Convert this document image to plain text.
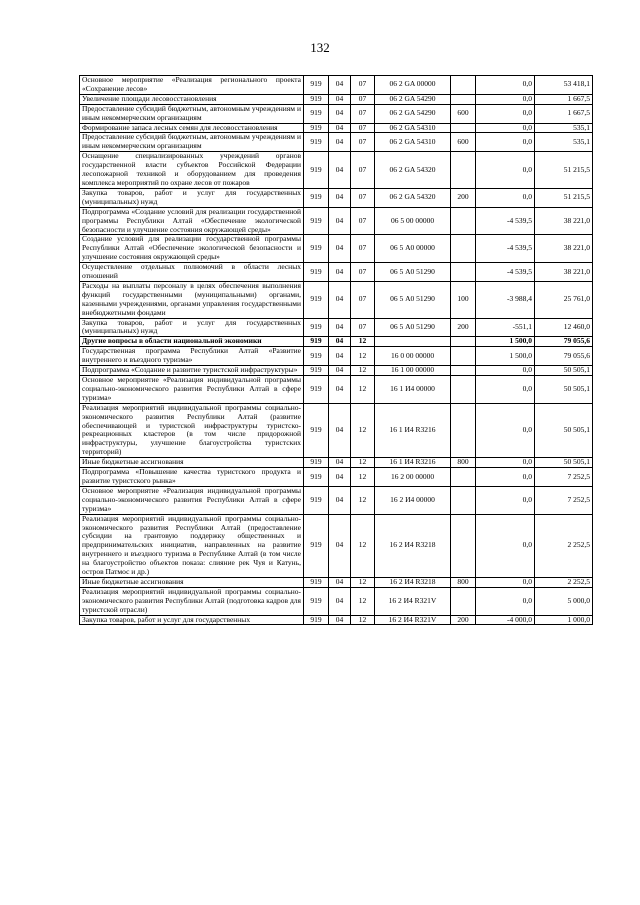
132
Основное мероприятие «Реализация регионального проекта «Сохранение лесов»	919	04	07	06 2 GA 00000		0,0	53 418,1
Увеличение площади лесовосстановления	919	04	07	06 2 GA 54290		0,0	1 667,5
Предоставление субсидий бюджетным, автономным учреждениям и иным некоммерческим организациям	919	04	07	06 2 GA 54290	600	0,0	1 667,5
Формирование запаса лесных семян для лесовосстановления	919	04	07	06 2 GA 54310		0,0	535,1
Предоставление субсидий бюджетным, автономным учреждениям и иным некоммерческим организациям	919	04	07	06 2 GA 54310	600	0,0	535,1
Оснащение специализированных учреждений органов государственной власти субъектов Российской Федерации лесопожарной техникой и оборудованием для проведения комплекса мероприятий по охране лесов от пожаров	919	04	07	06 2 GA 54320		0,0	51 215,5
Закупка товаров, работ и услуг для государственных (муниципальных) нужд	919	04	07	06 2 GA 54320	200	0,0	51 215,5
Подпрограмма «Создание условий для реализации государственной программы Республики Алтай «Обеспечение экологической безопасности и улучшение состояния окружающей среды»	919	04	07	06 5 00 00000		-4 539,5	38 221,0
Создание условий для реализации государственной программы Республики Алтай «Обеспечение экологической безопасности и улучшение состояния окружающей среды»	919	04	07	06 5 А0 00000		-4 539,5	38 221,0
Осуществление отдельных полномочий в области лесных отношений	919	04	07	06 5 А0 51290		-4 539,5	38 221,0
Расходы на выплаты персоналу в целях обеспечения выполнения функций государственными (муниципальными) органами, казенными учреждениями, органами управления государственными внебюджетными фондами	919	04	07	06 5 А0 51290	100	-3 988,4	25 761,0
Закупка товаров, работ и услуг для государственных (муниципальных) нужд	919	04	07	06 5 А0 51290	200	-551,1	12 460,0
Другие вопросы в области национальной экономики	919	04	12			1 500,0	79 055,6
Государственная программа Республики Алтай «Развитие внутреннего и въездного туризма»	919	04	12	16 0 00 00000		1 500,0	79 055,6
Подпрограмма «Создание и развитие туристской инфраструктуры»	919	04	12	16 1 00 00000		0,0	50 505,1
Основное мероприятие «Реализация индивидуальной программы социально-экономического развития Республики Алтай в сфере туризма»	919	04	12	16 1 И4 00000		0,0	50 505,1
Реализация мероприятий индивидуальной программы социально-экономического развития Республики Алтай (развитие обеспечивающей и туристской инфраструктуры туристско-рекреационных кластеров (в том числе придорожной инфраструктуры, улучшение благоустройства туристских территорий)	919	04	12	16 1 И4 R3216		0,0	50 505,1
Иные бюджетные ассигнования	919	04	12	16 1 И4 R3216	800	0,0	50 505,1
Подпрограмма «Повышение качества туристского продукта и развитие туристского рынка»	919	04	12	16 2 00 00000		0,0	7 252,5
Основное мероприятие «Реализация индивидуальной программы социально-экономического развития Республики Алтай в сфере туризма»	919	04	12	16 2 И4 00000		0,0	7 252,5
Реализация мероприятий индивидуальной программы социально-экономического развития Республики Алтай (предоставление субсидии на грантовую поддержку общественных и предпринимательских инициатив, направленных на развитие внутреннего и въездного туризма в Республике Алтай (в том числе на благоустройство объектов показа: слияние рек Чуя и Катунь, остров Патмос и др.)	919	04	12	16 2 И4 R3218		0,0	2 252,5
Иные бюджетные ассигнования	919	04	12	16 2 И4 R3218	800	0,0	2 252,5
Реализация мероприятий индивидуальной программы социально-экономического развития Республики Алтай (подготовка кадров для туристской отрасли)	919	04	12	16 2 И4 R321V		0,0	5 000,0
Закупка товаров, работ и услуг для государственных	919	04	12	16 2 И4 R321V	200	-4 000,0	1 000,0
